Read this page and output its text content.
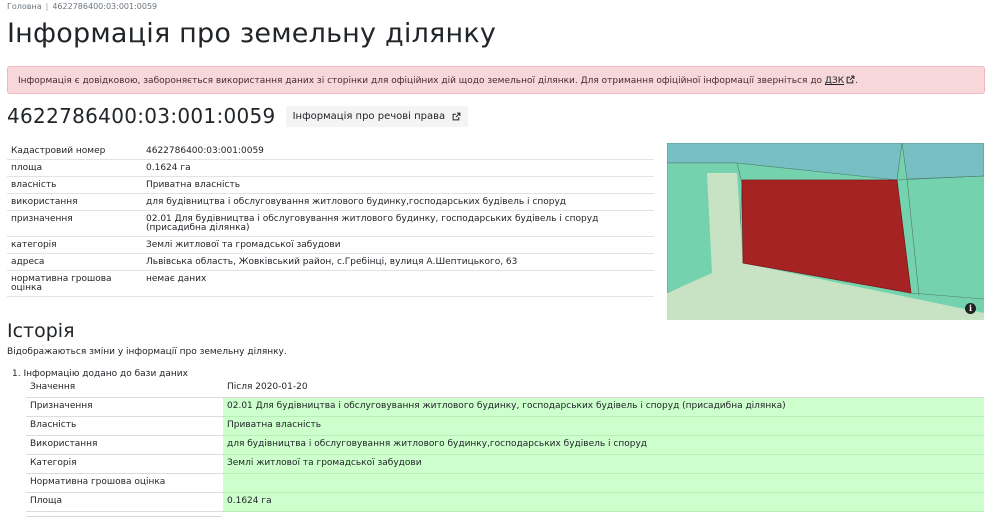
Головна | 4622786400:03:001:0059
Інформація про земельну ділянку
Інформація є довідковою, забороняється використання даних зі сторінки для офіційних дій щодо земельної ділянки. Для отримання офіційної інформації зверніться до ДЗК .
4622786400:03:001:0059 Інформація про речові права
Кадастровий номер	4622786400:03:001:0059
площа	0.1624 га
власність	Приватна власність
використання	для будівництва і обслуговування житлового будинку,господарських будівель і споруд
призначення	02.01 Для будівництва і обслуговування житлового будинку, господарських будівель і споруд (присадибна ділянка)
категорія	Землі житлової та громадської забудови
адреса	Львівська область, Жовківський район, с.Гребінці, вулиця А.Шептицького, 63
нормативна грошова оцінка	немає даних
i
Історія

Відображаються зміни у інформації про земельну ділянку.

1. Інформацію додано до бази даних
Значення	Після 2020-01-20
Призначення	02.01 Для будівництва і обслуговування житлового будинку, господарських будівель і споруд (присадибна ділянка)
Власність	Приватна власність
Використання	для будівництва і обслуговування житлового будинку,господарських будівель і споруд
Категорія	Землі житлової та громадської забудови
Нормативна грошова оцінка	
Площа	0.1624 га
